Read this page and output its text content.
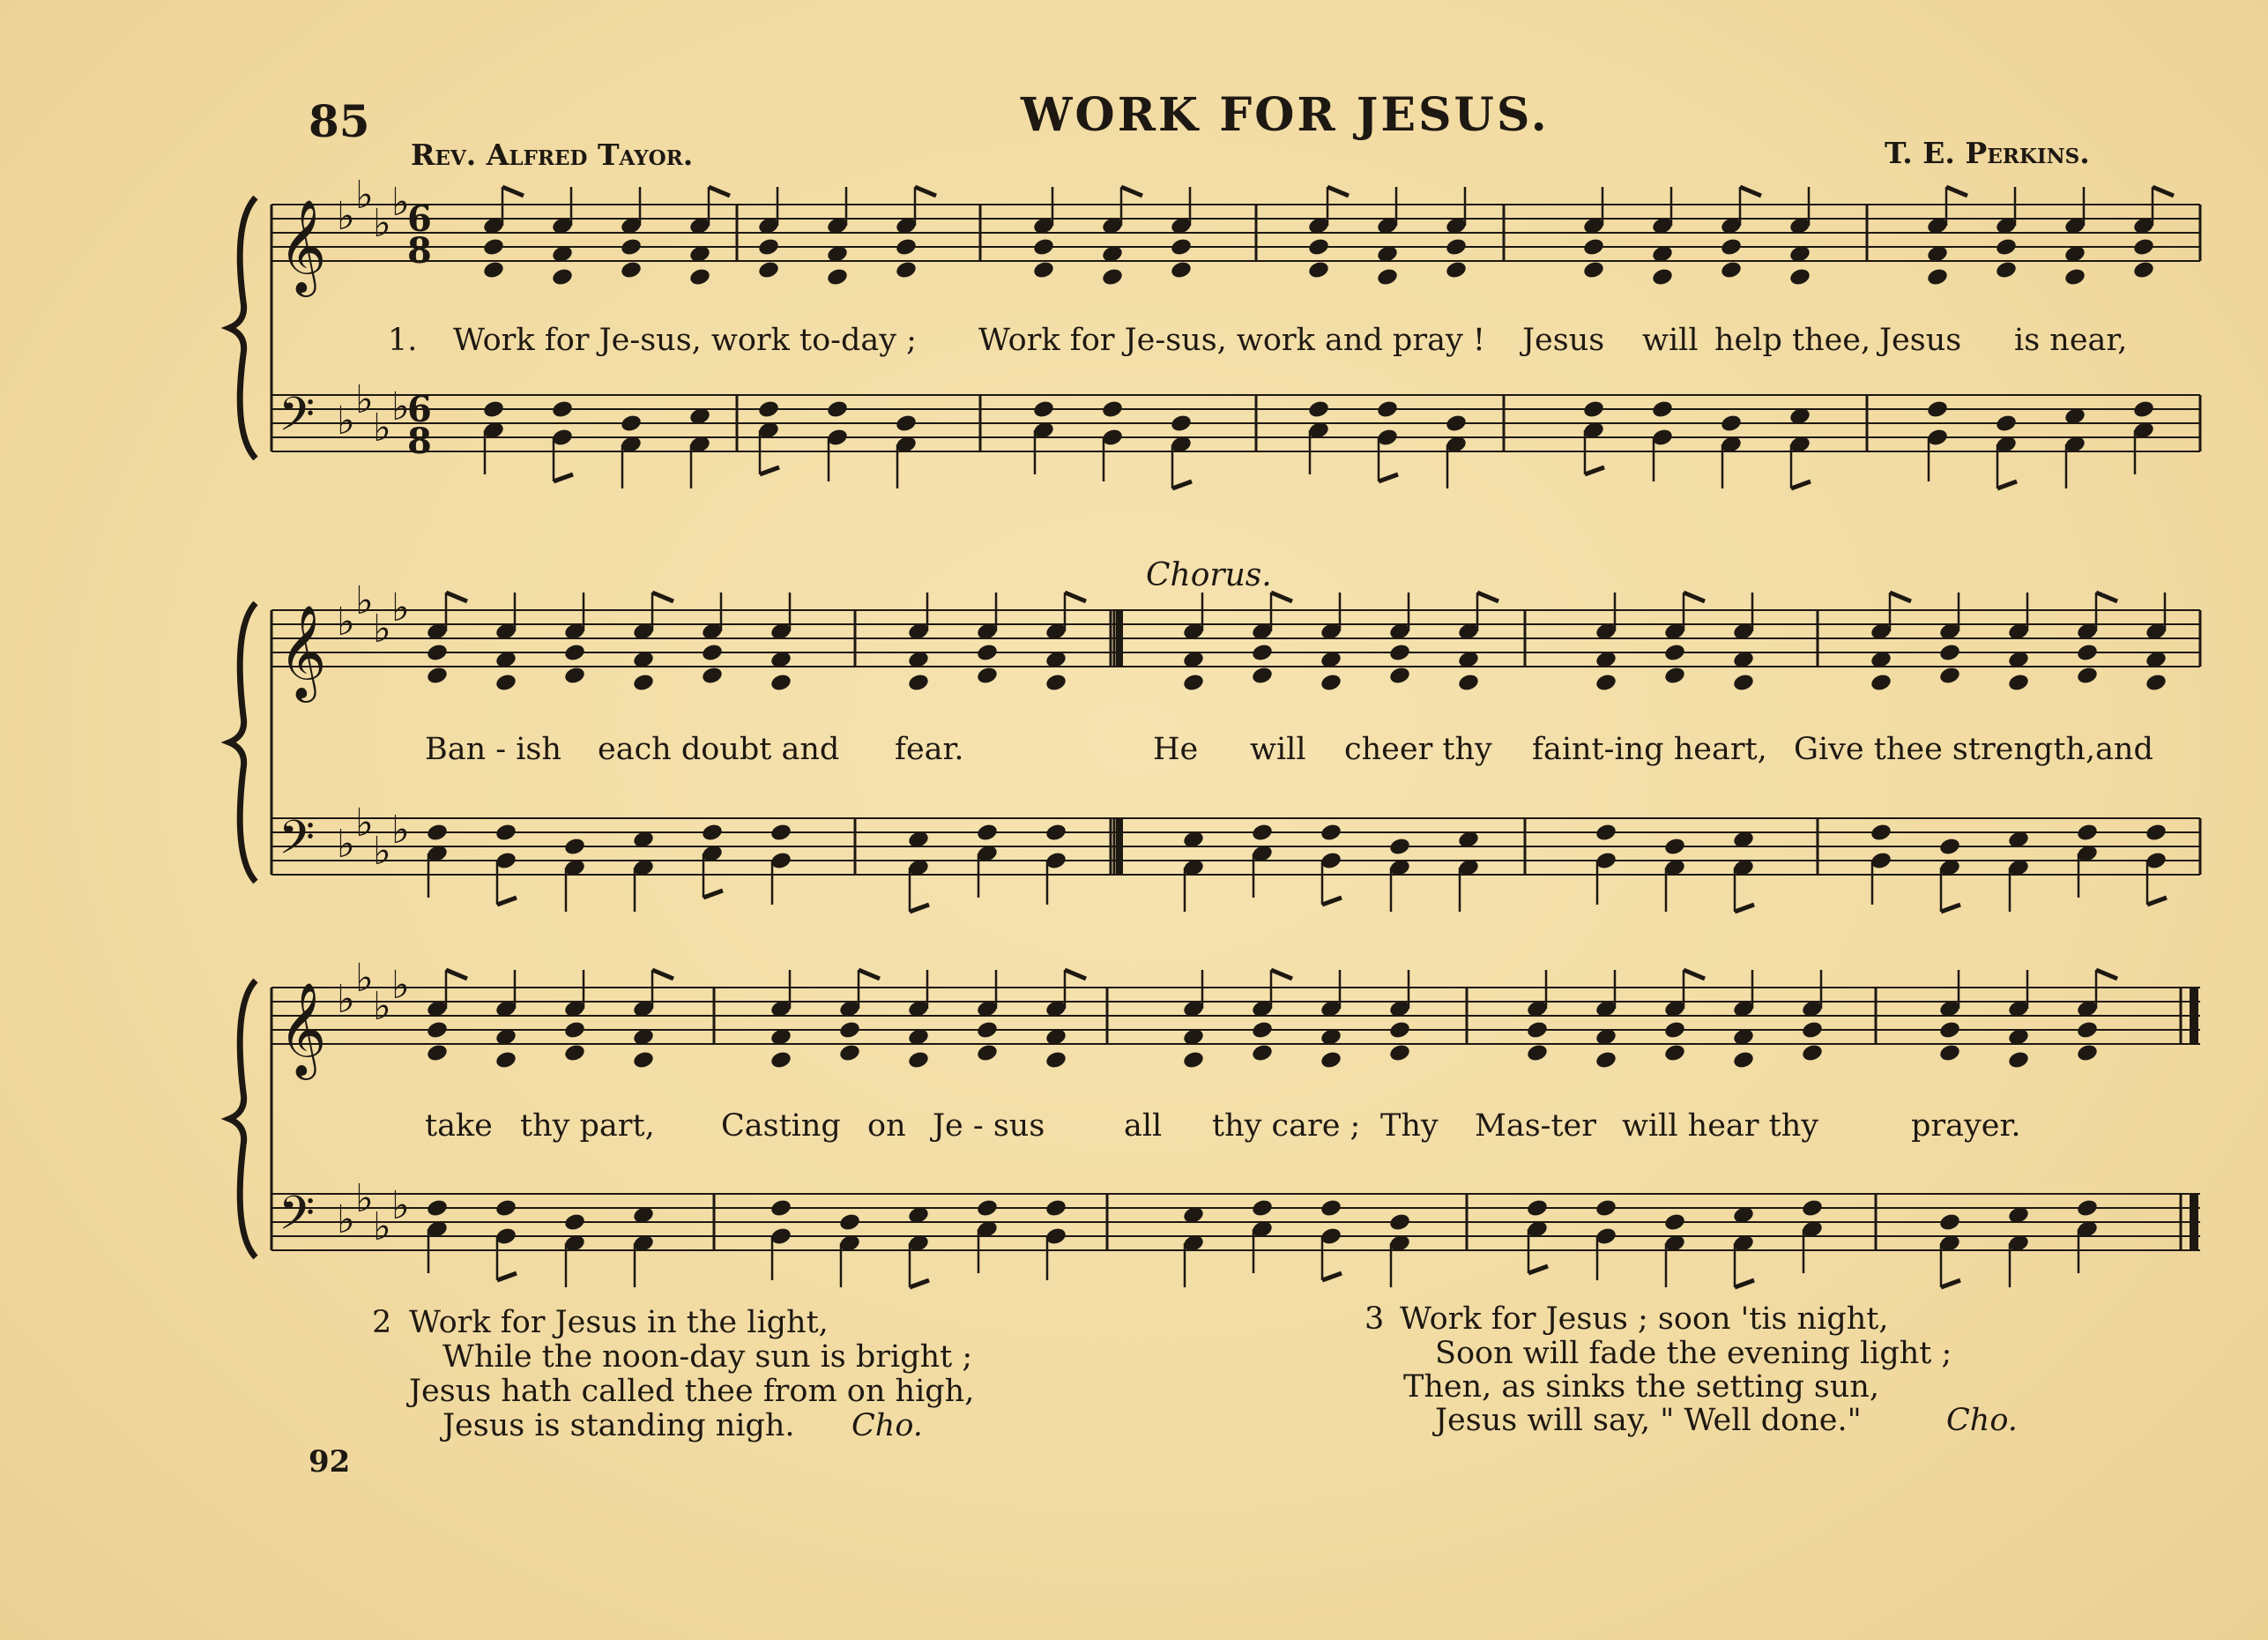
85	WORK FOR JESUS.
Rev. Alfred Tayor.	T. E. Perkins.
𝄞 ♭ ♭
♭ ♭
6
8
𝄢 ♭ ♭
♭ ♭
6
8
𝄞 ♭ ♭
♭ ♭
𝄢 ♭ ♭
♭ ♭
𝄞 ♭ ♭
♭ ♭
𝄢 ♭ ♭
♭ ♭
1. Work for Je-sus, work to-day ; Work for Je-sus, work and pray ! Jesus will help thee, Jesus is near,
Chorus.
Ban - ish each doubt and fear.	He will cheer thy faint-ing heart, Give thee strength,and
take thy part, Casting on Je - sus	all thy care ; Thy Mas-ter will hear thy	prayer.
2 Work for Jesus in the light,
While the noon-day sun is bright ;
Jesus hath called thee from on high,
Jesus is standing nigh. Cho.
3 Work for Jesus ; soon 'tis night,
Soon will fade the evening light ;
Then, as sinks the setting sun,
Jesus will say, " Well done."	Cho.
92
